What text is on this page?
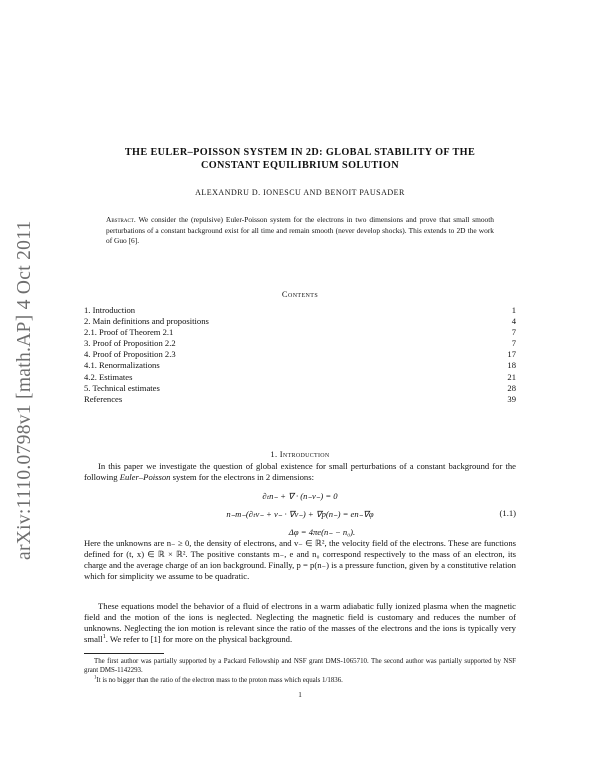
arXiv:1110.0798v1 [math.AP] 4 Oct 2011
THE EULER–POISSON SYSTEM IN 2D: GLOBAL STABILITY OF THE
CONSTANT EQUILIBRIUM SOLUTION
ALEXANDRU D. IONESCU AND BENOIT PAUSADER
Abstract. We consider the (repulsive) Euler-Poisson system for the electrons in two dimensions and prove that small smooth perturbations of a constant background exist for all time and remain smooth (never develop shocks). This extends to 2D the work of Guo [6].
Contents
1. Introduction	1
2. Main definitions and propositions	4
2.1. Proof of Theorem 2.1	7
3. Proof of Proposition 2.2	7
4. Proof of Proposition 2.3	17
4.1. Renormalizations	18
4.2. Estimates	21
5. Technical estimates	28
References	39
1. Introduction
In this paper we investigate the question of global existence for small perturbations of a constant background for the following Euler–Poisson system for the electrons in 2 dimensions:
∂ₜn₋ + ∇ · (n₋v₋) = 0
n₋m₋(∂ₜv₋ + v₋ · ∇v₋) + ∇p(n₋) = en₋∇φ
Δφ = 4πe(n₋ − n₀).
(1.1)
Here the unknowns are n₋ ≥ 0, the density of electrons, and v₋ ∈ ℝ², the velocity field of the electrons. These are functions defined for (t, x) ∈ ℝ × ℝ². The positive constants m₋, e and n₀ correspond respectively to the mass of an electron, its charge and the average charge of an ion background. Finally, p = p(n₋) is a pressure function, given by a constitutive relation which for simplicity we assume to be quadratic.
These equations model the behavior of a fluid of electrons in a warm adiabatic fully ionized plasma when the magnetic field and the motion of the ions is neglected. Neglecting the magnetic field is customary and reduces the number of unknowns. Neglecting the ion motion is relevant since the ratio of the masses of the electrons and the ions is typically very small$^1$. We refer to [1] for more on the physical background.
The first author was partially supported by a Packard Fellowship and NSF grant DMS-1065710. The second author was partially supported by NSF grant DMS-1142293.
$^1$It is no bigger than the ratio of the electron mass to the proton mass which equals 1/1836.
1
